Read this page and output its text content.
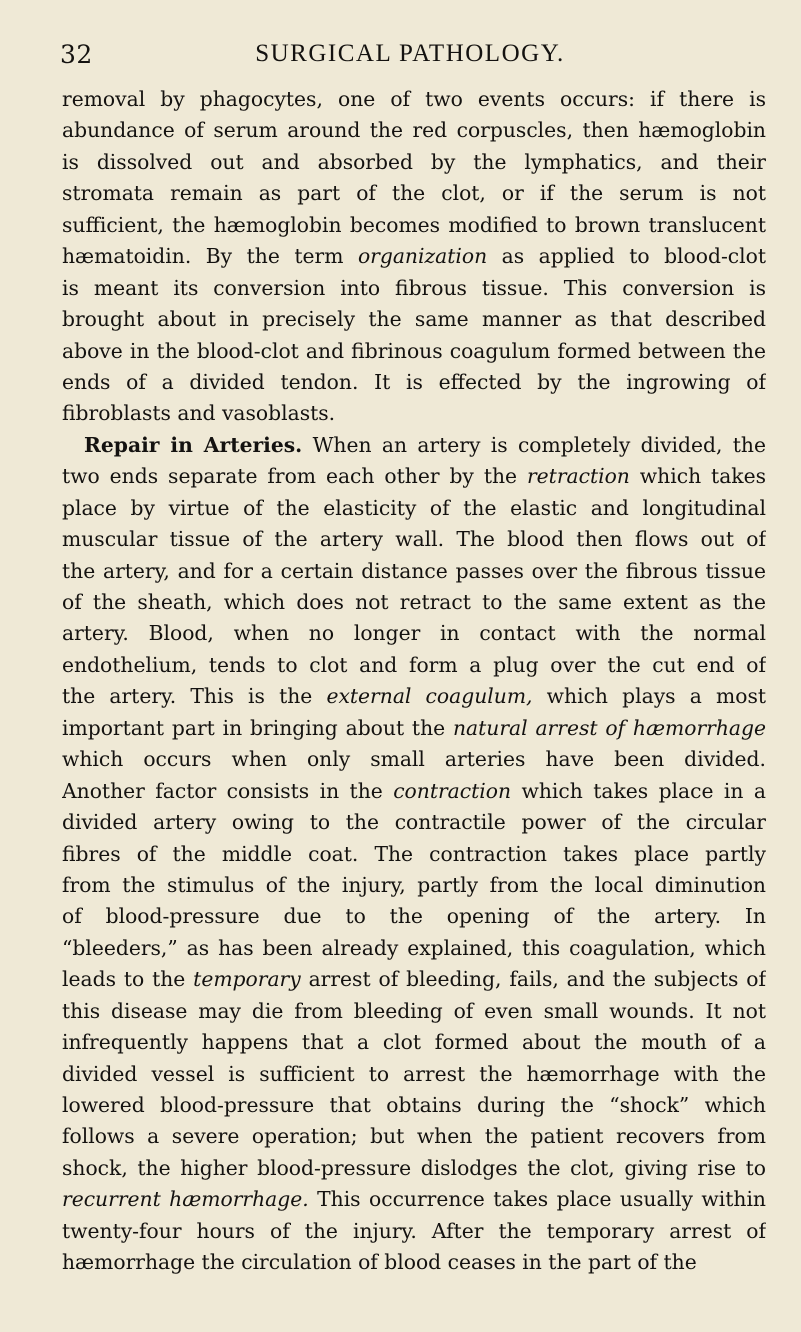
32	SURGICAL PATHOLOGY.
removal by phagocytes, one of two events occurs: if there is
abundance of serum around the red corpuscles, then hæmoglobin
is dissolved out and absorbed by the lymphatics, and their
stromata remain as part of the clot, or if the serum is not
sufficient, the hæmoglobin becomes modified to brown translucent
hæmatoidin. By the term organization as applied to blood-clot
is meant its conversion into fibrous tissue. This conversion is
brought about in precisely the same manner as that described
above in the blood-clot and fibrinous coagulum formed between the
ends of a divided tendon. It is effected by the ingrowing of
fibroblasts and vasoblasts.
Repair in Arteries. When an artery is completely divided, the
two ends separate from each other by the retraction which takes
place by virtue of the elasticity of the elastic and longitudinal
muscular tissue of the artery wall. The blood then flows out of
the artery, and for a certain distance passes over the fibrous tissue
of the sheath, which does not retract to the same extent as the
artery. Blood, when no longer in contact with the normal
endothelium, tends to clot and form a plug over the cut end of
the artery. This is the external coagulum, which plays a most
important part in bringing about the natural arrest of hæmorrhage
which occurs when only small arteries have been divided.
Another factor consists in the contraction which takes place in a
divided artery owing to the contractile power of the circular
fibres of the middle coat. The contraction takes place partly
from the stimulus of the injury, partly from the local diminution
of blood-pressure due to the opening of the artery. In
“bleeders,” as has been already explained, this coagulation, which
leads to the temporary arrest of bleeding, fails, and the subjects of
this disease may die from bleeding of even small wounds. It not
infrequently happens that a clot formed about the mouth of a
divided vessel is sufficient to arrest the hæmorrhage with the
lowered blood-pressure that obtains during the “shock” which
follows a severe operation; but when the patient recovers from
shock, the higher blood-pressure dislodges the clot, giving rise to
recurrent hæmorrhage. This occurrence takes place usually within
twenty-four hours of the injury. After the temporary arrest of
hæmorrhage the circulation of blood ceases in the part of the
